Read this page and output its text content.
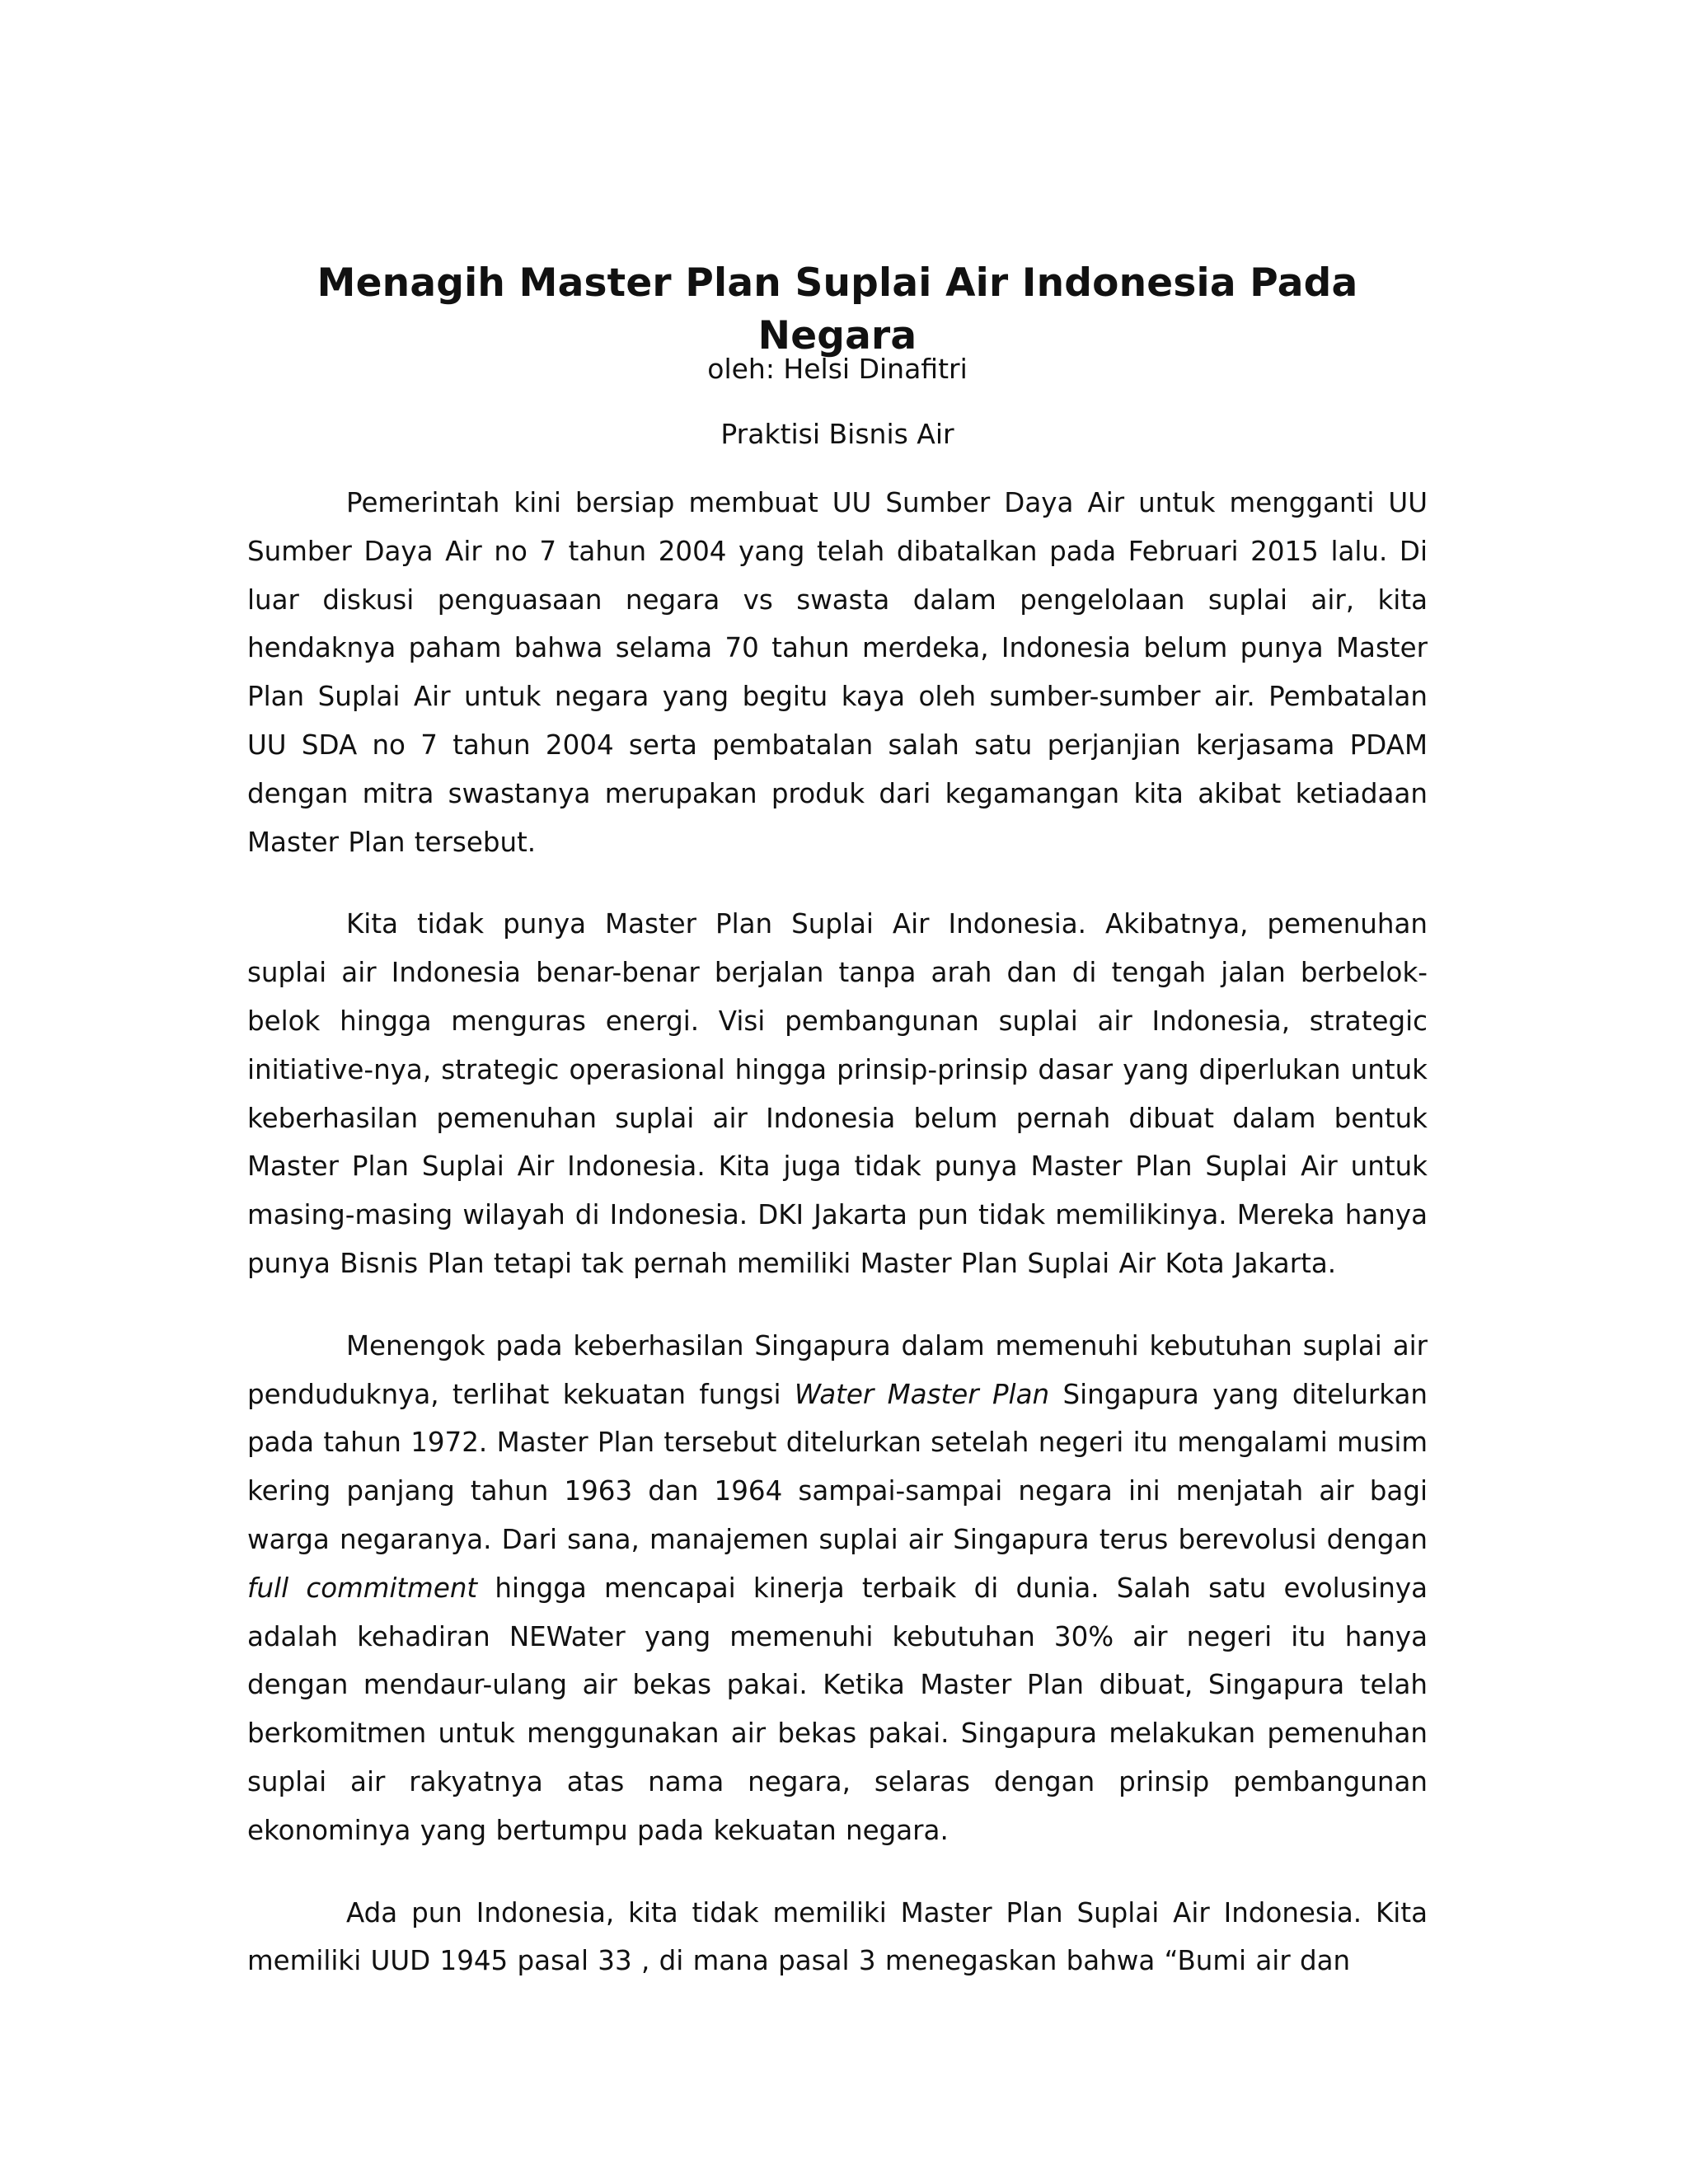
Menagih Master Plan Suplai Air Indonesia Pada Negara

oleh: Helsi Dinafitri

Praktisi Bisnis Air

Pemerintah kini bersiap membuat UU Sumber Daya Air untuk mengganti UU Sumber Daya Air no 7 tahun 2004 yang telah dibatalkan pada Februari 2015 lalu. Di luar diskusi penguasaan negara vs swasta dalam pengelolaan suplai air, kita hendaknya paham bahwa selama 70 tahun merdeka, Indonesia belum punya Master Plan Suplai Air untuk negara yang begitu kaya oleh sumber-sumber air. Pembatalan UU SDA no 7 tahun 2004 serta pembatalan salah satu perjanjian kerjasama PDAM dengan mitra swastanya merupakan produk dari kegamangan kita akibat ketiadaan Master Plan tersebut.

Kita tidak punya Master Plan Suplai Air Indonesia. Akibatnya, pemenuhan suplai air Indonesia benar-benar berjalan tanpa arah dan di tengah jalan berbelok-belok hingga menguras energi. Visi pembangunan suplai air Indonesia, strategic initiative-nya, strategic operasional hingga prinsip-prinsip dasar yang diperlukan untuk keberhasilan pemenuhan suplai air Indonesia belum pernah dibuat dalam bentuk Master Plan Suplai Air Indonesia. Kita juga tidak punya Master Plan Suplai Air untuk masing-masing wilayah di Indonesia. DKI Jakarta pun tidak memilikinya. Mereka hanya punya Bisnis Plan tetapi tak pernah memiliki Master Plan Suplai Air Kota Jakarta.

Menengok pada keberhasilan Singapura dalam memenuhi kebutuhan suplai air penduduknya, terlihat kekuatan fungsi Water Master Plan Singapura yang ditelurkan pada tahun 1972. Master Plan tersebut ditelurkan setelah negeri itu mengalami musim kering panjang tahun 1963 dan 1964 sampai-sampai negara ini menjatah air bagi warga negaranya. Dari sana, manajemen suplai air Singapura terus berevolusi dengan full commitment hingga mencapai kinerja terbaik di dunia. Salah satu evolusinya adalah kehadiran NEWater yang memenuhi kebutuhan 30% air negeri itu hanya dengan mendaur-ulang air bekas pakai. Ketika Master Plan dibuat, Singapura telah berkomitmen untuk menggunakan air bekas pakai. Singapura melakukan pemenuhan suplai air rakyatnya atas nama negara, selaras dengan prinsip pembangunan ekonominya yang bertumpu pada kekuatan negara.

Ada pun Indonesia, kita tidak memiliki Master Plan Suplai Air Indonesia. Kita memiliki UUD 1945 pasal 33 , di mana pasal 3 menegaskan bahwa “Bumi air dan
